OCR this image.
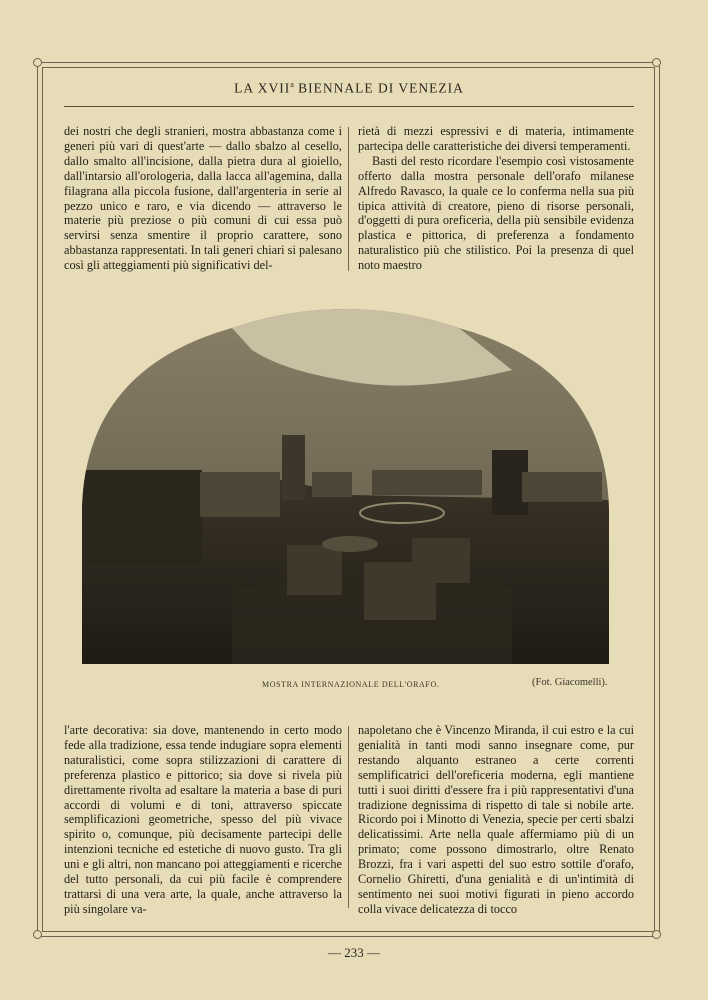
LA XVII$^a$ BIENNALE DI VENEZIA

dei nostri che degli stranieri, mostra abbastanza come i generi più vari di quest'arte — dallo sbalzo al cesello, dallo smalto all'incisione, dalla pietra dura al gioiello, dall'intarsio all'orologeria, dalla lacca all'agemina, dalla filagrana alla piccola fusione, dall'argenteria in serie al pezzo unico e raro, e via dicendo — attraverso le materie più preziose o più comuni di cui essa può servirsi senza smentire il proprio carattere, sono abbastanza rappresentati. In tali generi chiari si palesano così gli atteggiamenti più significativi del-

rietà di mezzi espressivi e di materia, intimamente partecipa delle caratteristiche dei diversi temperamenti.

Basti del resto ricordare l'esempio così vistosamente offerto dalla mostra personale dell'orafo milanese Alfredo Ravasco, la quale ce lo conferma nella sua più tipica attività di creatore, pieno di risorse personali, d'oggetti di pura oreficeria, della più sensibile evidenza plastica e pittorica, di preferenza a fondamento naturalistico più che stilistico. Poi la presenza di quel noto maestro

MOSTRA INTERNAZIONALE DELL'ORAFO.	(Fot. Giacomelli).

l'arte decorativa: sia dove, mantenendo in certo modo fede alla tradizione, essa tende indugiare sopra elementi naturalistici, come sopra stilizzazioni di carattere di preferenza plastico e pittorico; sia dove si rivela più direttamente rivolta ad esaltare la materia a base di puri accordi di volumi e di toni, attraverso spiccate semplificazioni geometriche, spesso del più vivace spirito o, comunque, più decisamente partecipi delle intenzioni tecniche ed estetiche di nuovo gusto. Tra gli uni e gli altri, non mancano poi atteggiamenti e ricerche del tutto personali, da cui più facile è comprendere trattarsi di una vera arte, la quale, anche attraverso la più singolare va-

napoletano che è Vincenzo Miranda, il cui estro e la cui genialità in tanti modi sanno insegnare come, pur restando alquanto estraneo a certe correnti semplificatrici dell'oreficeria moderna, egli mantiene tutti i suoi diritti d'essere fra i più rappresentativi d'una tradizione degnissima di rispetto di tale si nobile arte. Ricordo poi i Minotto di Venezia, specie per certi sbalzi delicatissimi. Arte nella quale affermiamo più di un primato; come possono dimostrarlo, oltre Renato Brozzi, fra i vari aspetti del suo estro sottile d'orafo, Cornelio Ghiretti, d'una genialità e di un'intimità di sentimento nei suoi motivi figurati in pieno accordo colla vivace delicatezza di tocco

— 233 —
